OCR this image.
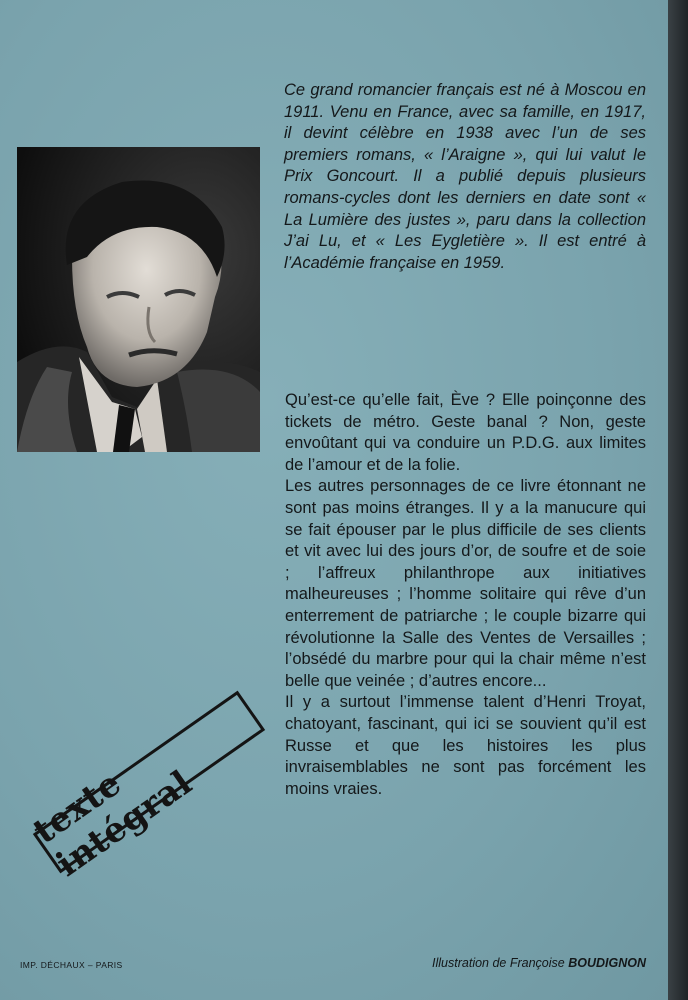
Ce grand romancier français est né à Moscou en 1911. Venu en France, avec sa famille, en 1917, il devint célèbre en 1938 avec l’un de ses premiers romans, « l’Araigne », qui lui valut le Prix Goncourt. Il a publié depuis plusieurs romans-cycles dont les derniers en date sont « La Lumière des justes », paru dans la collection J’ai Lu, et « Les Eygletière ». Il est entré à l’Académie française en 1959.

Qu’est-ce qu’elle fait, Ève ? Elle poinçonne des tickets de métro. Geste banal ? Non, geste envoûtant qui va conduire un P.D.G. aux limites de l’amour et de la folie.

Les autres personnages de ce livre étonnant ne sont pas moins étranges. Il y a la manucure qui se fait épouser par le plus difficile de ses clients et vit avec lui des jours d’or, de soufre et de soie ; l’affreux philanthrope aux initiatives malheureuses ; l’homme solitaire qui rêve d’un enterrement de patriarche ; le couple bizarre qui révolutionne la Salle des Ventes de Versailles ; l’obsédé du marbre pour qui la chair même n’est belle que veinée ; d’autres encore...

Il y a surtout l’immense talent d’Henri Troyat, chatoyant, fascinant, qui ici se souvient qu’il est Russe et que les histoires les plus invraisemblables ne sont pas forcément les moins vraies.

texte intégral
IMP. DÉCHAUX – PARIS	Illustration de Françoise BOUDIGNON
